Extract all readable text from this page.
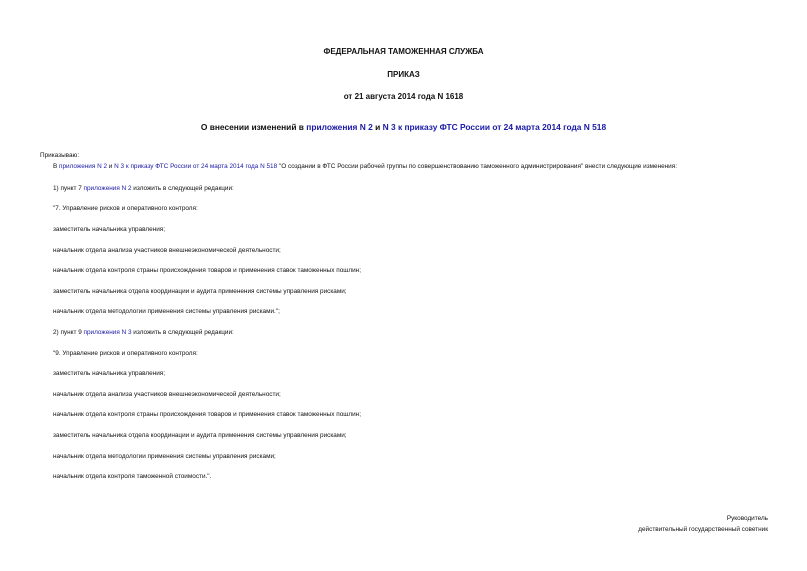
ФЕДЕРАЛЬНАЯ ТАМОЖЕННАЯ СЛУЖБА
ПРИКАЗ
от 21 августа 2014 года N 1618
О внесении изменений в приложения N 2 и N 3 к приказу ФТС России от 24 марта 2014 года N 518
Приказываю:
В приложения N 2 и N 3 к приказу ФТС России от 24 марта 2014 года N 518 "О создании в ФТС России рабочей группы по совершенствованию таможенного администрирования" внести следующие изменения:
1) пункт 7 приложения N 2 изложить в следующей редакции:
"7. Управление рисков и оперативного контроля:
заместитель начальника управления;
начальник отдела анализа участников внешнеэкономической деятельности;
начальник отдела контроля страны происхождения товаров и применения ставок таможенных пошлин;
заместитель начальника отдела координации и аудита применения системы управления рисками;
начальник отдела методологии применения системы управления рисками.";
2) пункт 9 приложения N 3 изложить в следующей редакции:
"9. Управление рисков и оперативного контроля:
заместитель начальника управления;
начальник отдела анализа участников внешнеэкономической деятельности;
начальник отдела контроля страны происхождения товаров и применения ставок таможенных пошлин;
заместитель начальника отдела координации и аудита применения системы управления рисками;
начальник отдела методологии применения системы управления рисками;
начальник отдела контроля таможенной стоимости.".
Руководитель
действительный государственный советник
